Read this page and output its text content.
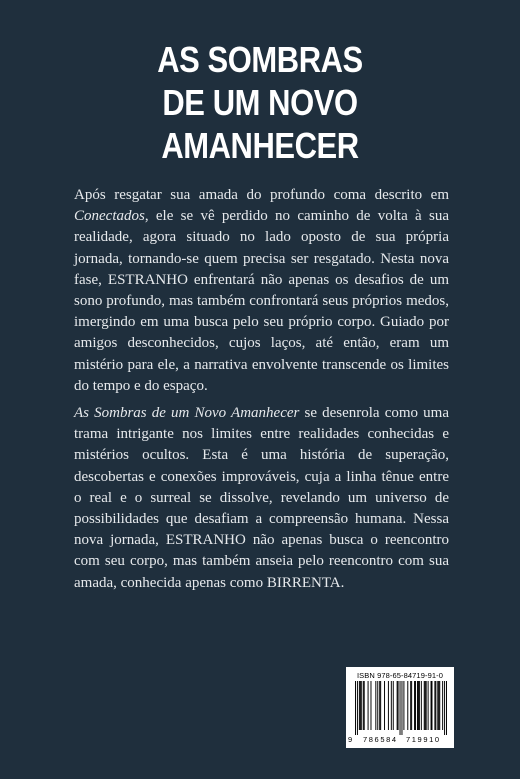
AS SOMBRAS
DE UM NOVO
AMANHECER

Após resgatar sua amada do profundo coma descrito em Conectados, ele se vê perdido no caminho de volta à sua realidade, agora situado no lado oposto de sua própria jornada, tornando-se quem precisa ser resgatado. Nesta nova fase, ESTRANHO enfrentará não apenas os desafios de um sono profundo, mas também confrontará seus próprios medos, imergindo em uma busca pelo seu próprio corpo. Guiado por amigos desconhecidos, cujos laços, até então, eram um mistério para ele, a narrativa envolvente transcende os limites do tempo e do espaço.

As Sombras de um Novo Amanhecer se desenrola como uma trama intrigante nos limites entre realidades conhecidas e mistérios ocultos. Esta é uma história de superação, descobertas e conexões improváveis, cuja a linha tênue entre o real e o surreal se dissolve, revelando um universo de possibilidades que desafiam a compreensão humana. Nessa nova jornada, ESTRANHO não apenas busca o reencontro com seu corpo, mas também anseia pelo reencontro com sua amada, conhecida apenas como BIRRENTA.

ISBN 978-65-84719-91-0
9 786584 719910
